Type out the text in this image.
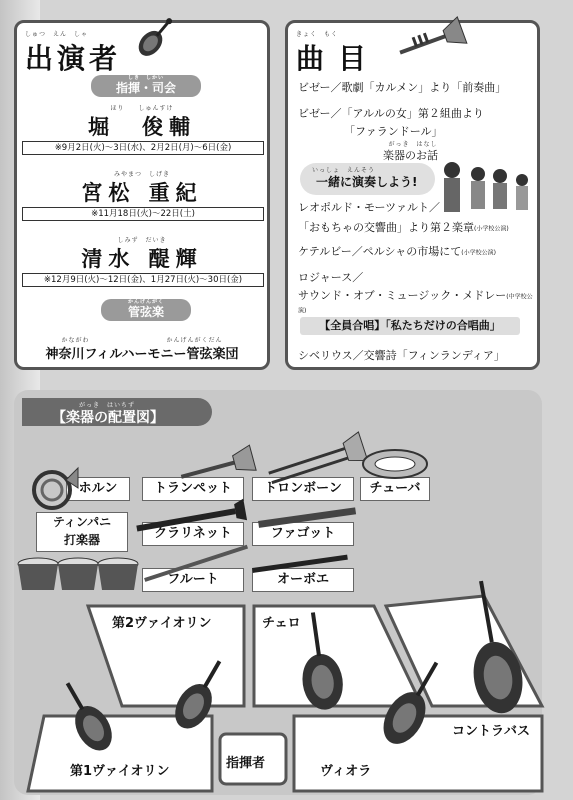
しゅつ　えん　しゃ
出演者
しき　しかい
指揮・司会
ほり　　しゅんすけ
堀　俊輔
※9月2日(火)〜3日(水)、2月2日(月)〜6日(金)
みやまつ　しげき
宮松 重紀
※11月18日(火)〜22日(土)
しみず　だいき
清水 醍輝
※12月9日(火)〜12日(金)、1月27日(火)〜30日(金)
かんげんがく
管弦楽
かながわ　　　　　　　　　　　かんげんがくだん
神奈川フィルハーモニー管弦楽団
きょく　もく
曲目
ビゼー／歌劇「カルメン」より「前奏曲」
ビゼー／「アルルの女」第２組曲より
「ファランドール」
がっき　はなし
楽器のお話
いっしょ　えんそう
一緒に演奏しよう!
レオポルド・モーツァルト／
「おもちゃの交響曲」より第２楽章(小学校公演)
ケテルビー／ペルシャの市場にて(小学校公演)
ロジャース／
サウンド・オブ・ミュージック・メドレー(中学校公演)
【全員合唱】「私たちだけの合唱曲」
シベリウス／交響詩「フィンランディア」
がっき　はいちず
【楽器の配置図】
ホルン	トランペット	トロンボーン	チューバ
ティンパニ
打楽器	クラリネット	ファゴット
フルート	オーボエ
第2ヴァイオリン	チェロ
コントラバス
第1ヴァイオリン
指揮者
ヴィオラ
